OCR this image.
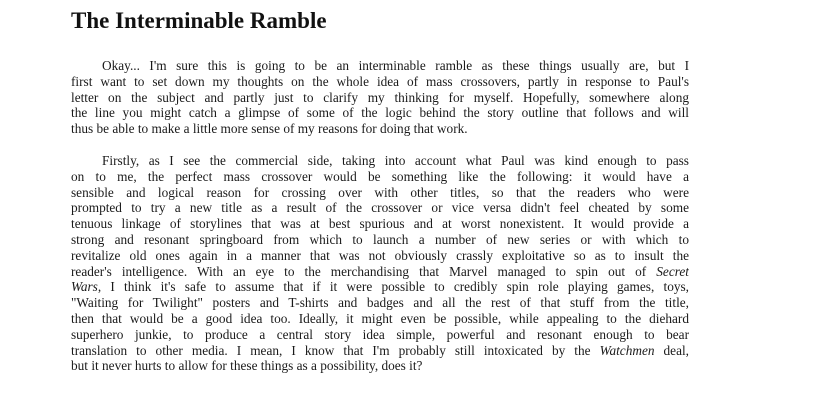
The Interminable Ramble
Okay... I'm sure this is going to be an interminable ramble as these things usually are, but I
first want to set down my thoughts on the whole idea of mass crossovers, partly in response to Paul's
letter on the subject and partly just to clarify my thinking for myself. Hopefully, somewhere along
the line you might catch a glimpse of some of the logic behind the story outline that follows and will
thus be able to make a little more sense of my reasons for doing that work.
Firstly, as I see the commercial side, taking into account what Paul was kind enough to pass
on to me, the perfect mass crossover would be something like the following: it would have a
sensible and logical reason for crossing over with other titles, so that the readers who were
prompted to try a new title as a result of the crossover or vice versa didn't feel cheated by some
tenuous linkage of storylines that was at best spurious and at worst nonexistent. It would provide a
strong and resonant springboard from which to launch a number of new series or with which to
revitalize old ones again in a manner that was not obviously crassly exploitative so as to insult the
reader's intelligence. With an eye to the merchandising that Marvel managed to spin out of Secret
Wars, I think it's safe to assume that if it were possible to credibly spin role playing games, toys,
"Waiting for Twilight" posters and T-shirts and badges and all the rest of that stuff from the title,
then that would be a good idea too. Ideally, it might even be possible, while appealing to the diehard
superhero junkie, to produce a central story idea simple, powerful and resonant enough to bear
translation to other media. I mean, I know that I'm probably still intoxicated by the Watchmen deal,
but it never hurts to allow for these things as a possibility, does it?
